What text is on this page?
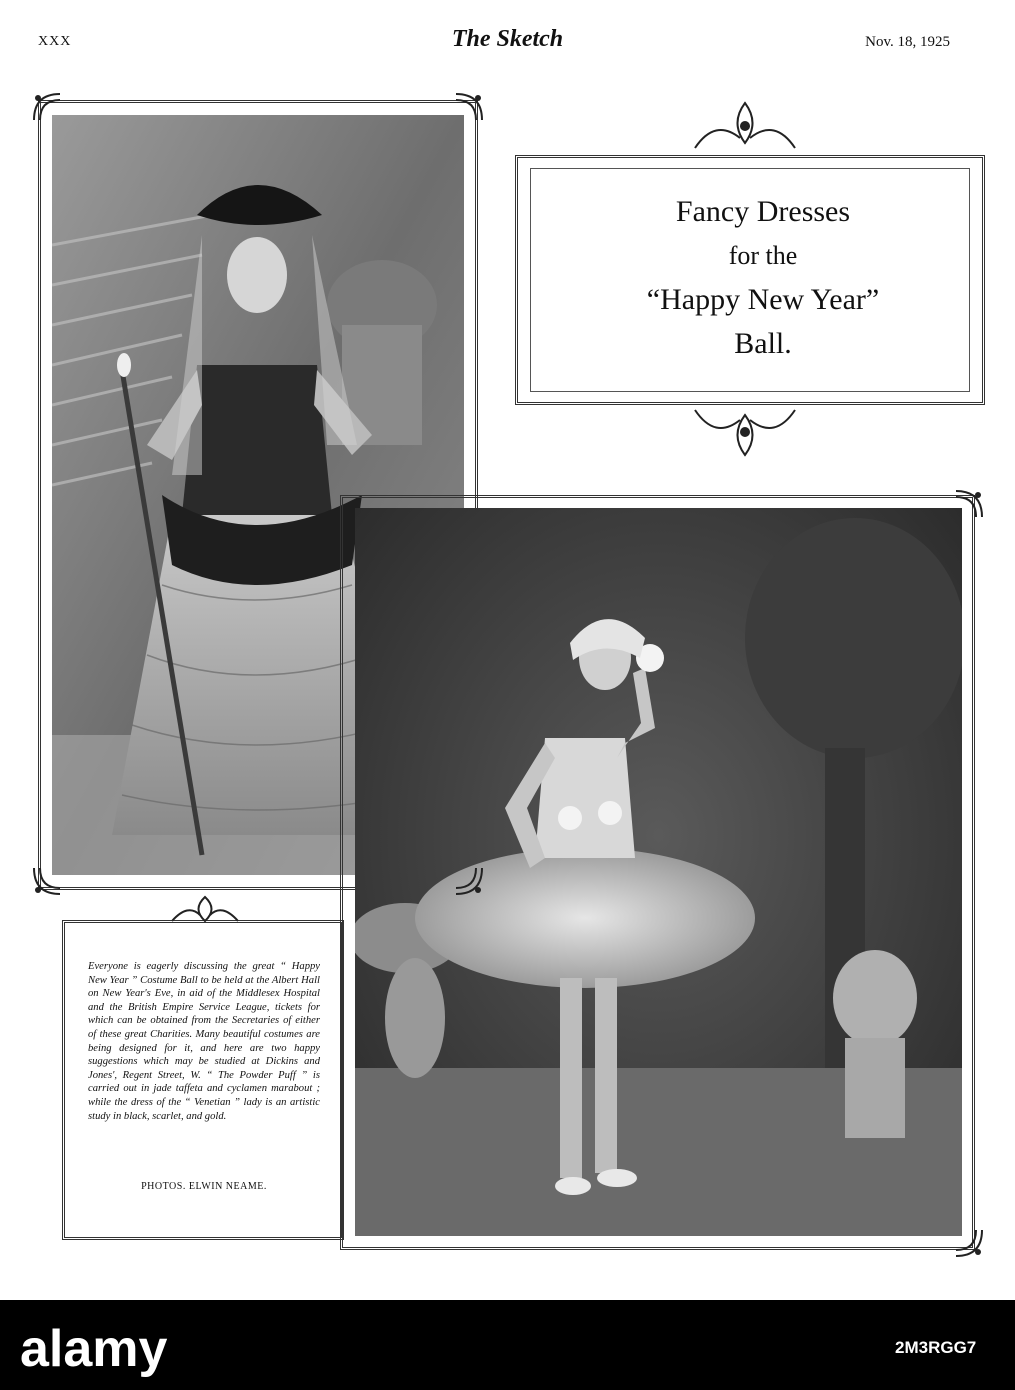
XXX	The Sketch	Nov. 18, 1925
Fancy Dresses
for the
“Happy New Year”
Ball.
Everyone is eagerly discussing the great “ Happy New Year ” Costume Ball to be held at the Albert Hall on New Year's Eve, in aid of the Middlesex Hospital and the British Empire Service League, tickets for which can be obtained from the Secretaries of either of these great Charities. Many beautiful costumes are being designed for it, and here are two happy suggestions which may be studied at Dickins and Jones', Regent Street, W. “ The Powder Puff ” is carried out in jade taffeta and cyclamen marabout ; while the dress of the “ Venetian ” lady is an artistic study in black, scarlet, and gold.
PHOTOS. ELWIN NEAME.
alamy	2M3RGG7
